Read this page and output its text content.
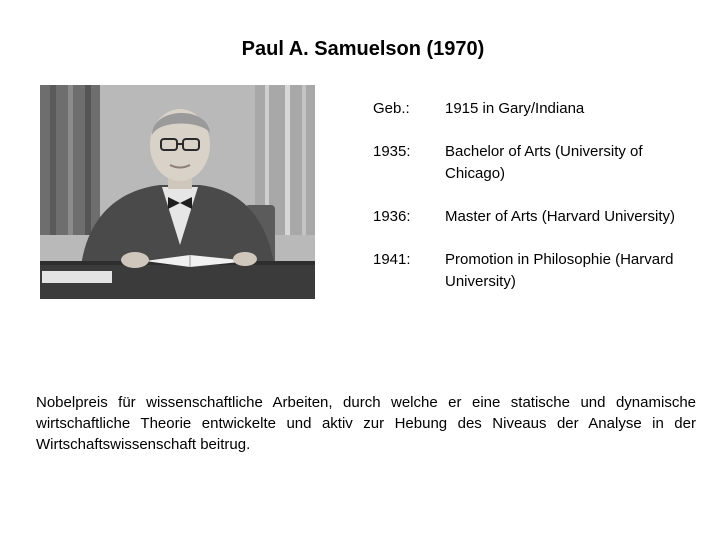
Paul A. Samuelson (1970)
Geb.:	1915 in Gary/Indiana
1935:	Bachelor of Arts (University of Chicago)
1936:	Master of Arts (Harvard University)
1941:	Promotion in Philosophie (Harvard University)
Nobelpreis für wissenschaftliche Arbeiten, durch welche er eine statische und dynamische wirtschaftliche Theorie entwickelte und aktiv zur Hebung des Niveaus der Analyse in der Wirtschaftswissenschaft beitrug.
